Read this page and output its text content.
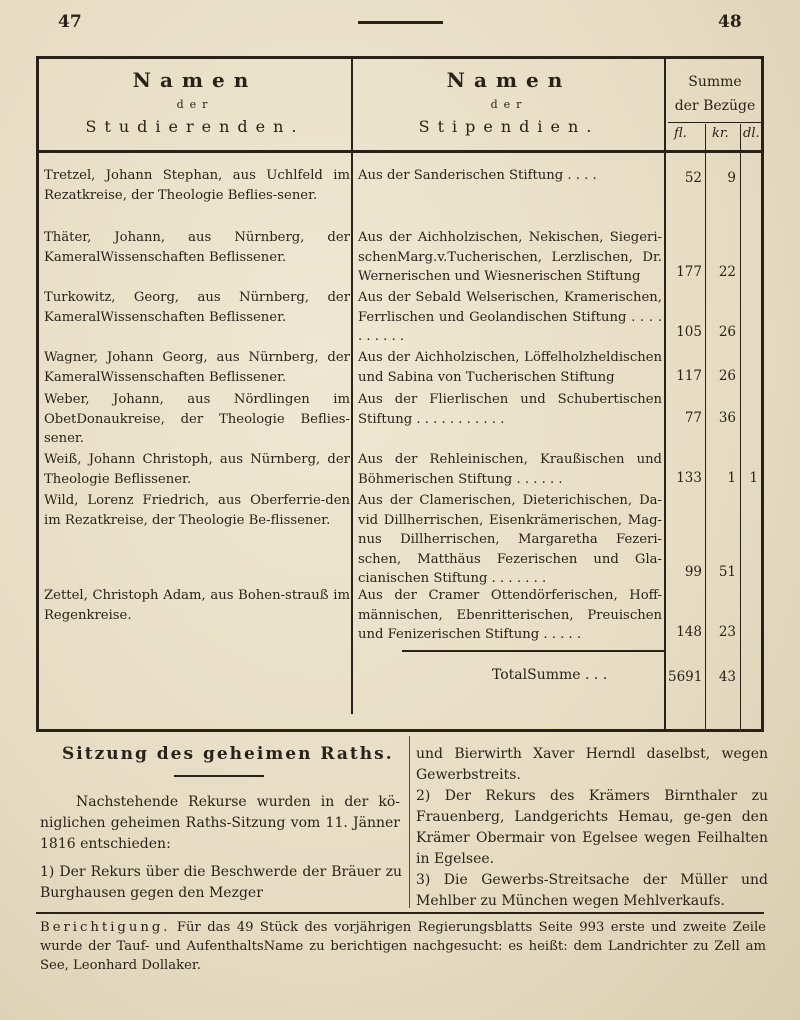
47	48
Namen
der
Studierenden.
Namen
der
Stipendien.
Summe
der Bezüge
fl. kr. dl.
Tretzel, Johann Stephan, aus Uchlfeld im Rezatkreise, der Theologie Beflies-sener.
Aus der Sanderischen Stiftung . . . .	52	9
Thäter, Johann, aus Nürnberg, der KameralWissenschaften Beflissener.
Aus der Aichholzischen, Nekischen, Siegeri-schenMarg.v.Tucherischen, Lerzlischen, Dr. Wernerischen und Wiesnerischen Stiftung	177	22
Turkowitz, Georg, aus Nürnberg, der KameralWissenschaften Beflissener.
Aus der Sebald Welserischen, Kramerischen, Ferrlischen und Geolandischen Stiftung . . . . . . . . . .	105	26
Wagner, Johann Georg, aus Nürnberg, der KameralWissenschaften Beflissener.
Aus der Aichholzischen, Löffelholzheldischen und Sabina von Tucherischen Stiftung	117	26
Weber, Johann, aus Nördlingen im ObetDonaukreise, der Theologie Beflies-sener.
Aus der Flierlischen und Schubertischen Stiftung . . . . . . . . . . .	77	36
Weiß, Johann Christoph, aus Nürnberg, der Theologie Beflissener.
Aus der Rehleinischen, Kraußischen und Böhmerischen Stiftung . . . . . .	133	1 1
Wild, Lorenz Friedrich, aus Oberferrie-den im Rezatkreise, der Theologie Be-flissener.
Aus der Clamerischen, Dieterichischen, Da-vid Dillherrischen, Eisenkrämerischen, Mag-nus Dillherrischen, Margaretha Fezeri-schen, Matthäus Fezerischen und Gla-cianischen Stiftung . . . . . . .	99	51
Zettel, Christoph Adam, aus Bohen-strauß im Regenkreise.
Aus der Cramer Ottendörferischen, Hoff-männischen, Ebenritterischen, Preuischen und Fenizerischen Stiftung . . . . .	148	23
TotalSumme . . .	5691	43
Sitzung des geheimen Raths.
Nachstehende Rekurse wurden in der kö-niglichen geheimen Raths-Sitzung vom 11. Jänner 1816 entschieden:
1) Der Rekurs über die Beschwerde der Bräuer zu Burghausen gegen den Mezger

und Bierwirth Xaver Herndl daselbst, wegen Gewerbstreits.

2) Der Rekurs des Krämers Birnthaler zu Frauenberg, Landgerichts Hemau, ge-gen den Krämer Obermair von Egelsee wegen Feilhalten in Egelsee.

3) Die Gewerbs-Streitsache der Müller und Mehlber zu München wegen Mehlverkaufs.

Berichtigung. Für das 49 Stück des vorjährigen Regierungsblatts Seite 993 erste und zweite Zeile wurde der Tauf- und AufenthaltsName zu berichtigen nachgesucht: es heißt: dem Landrichter zu Zell am See, Leonhard Dollaker.
